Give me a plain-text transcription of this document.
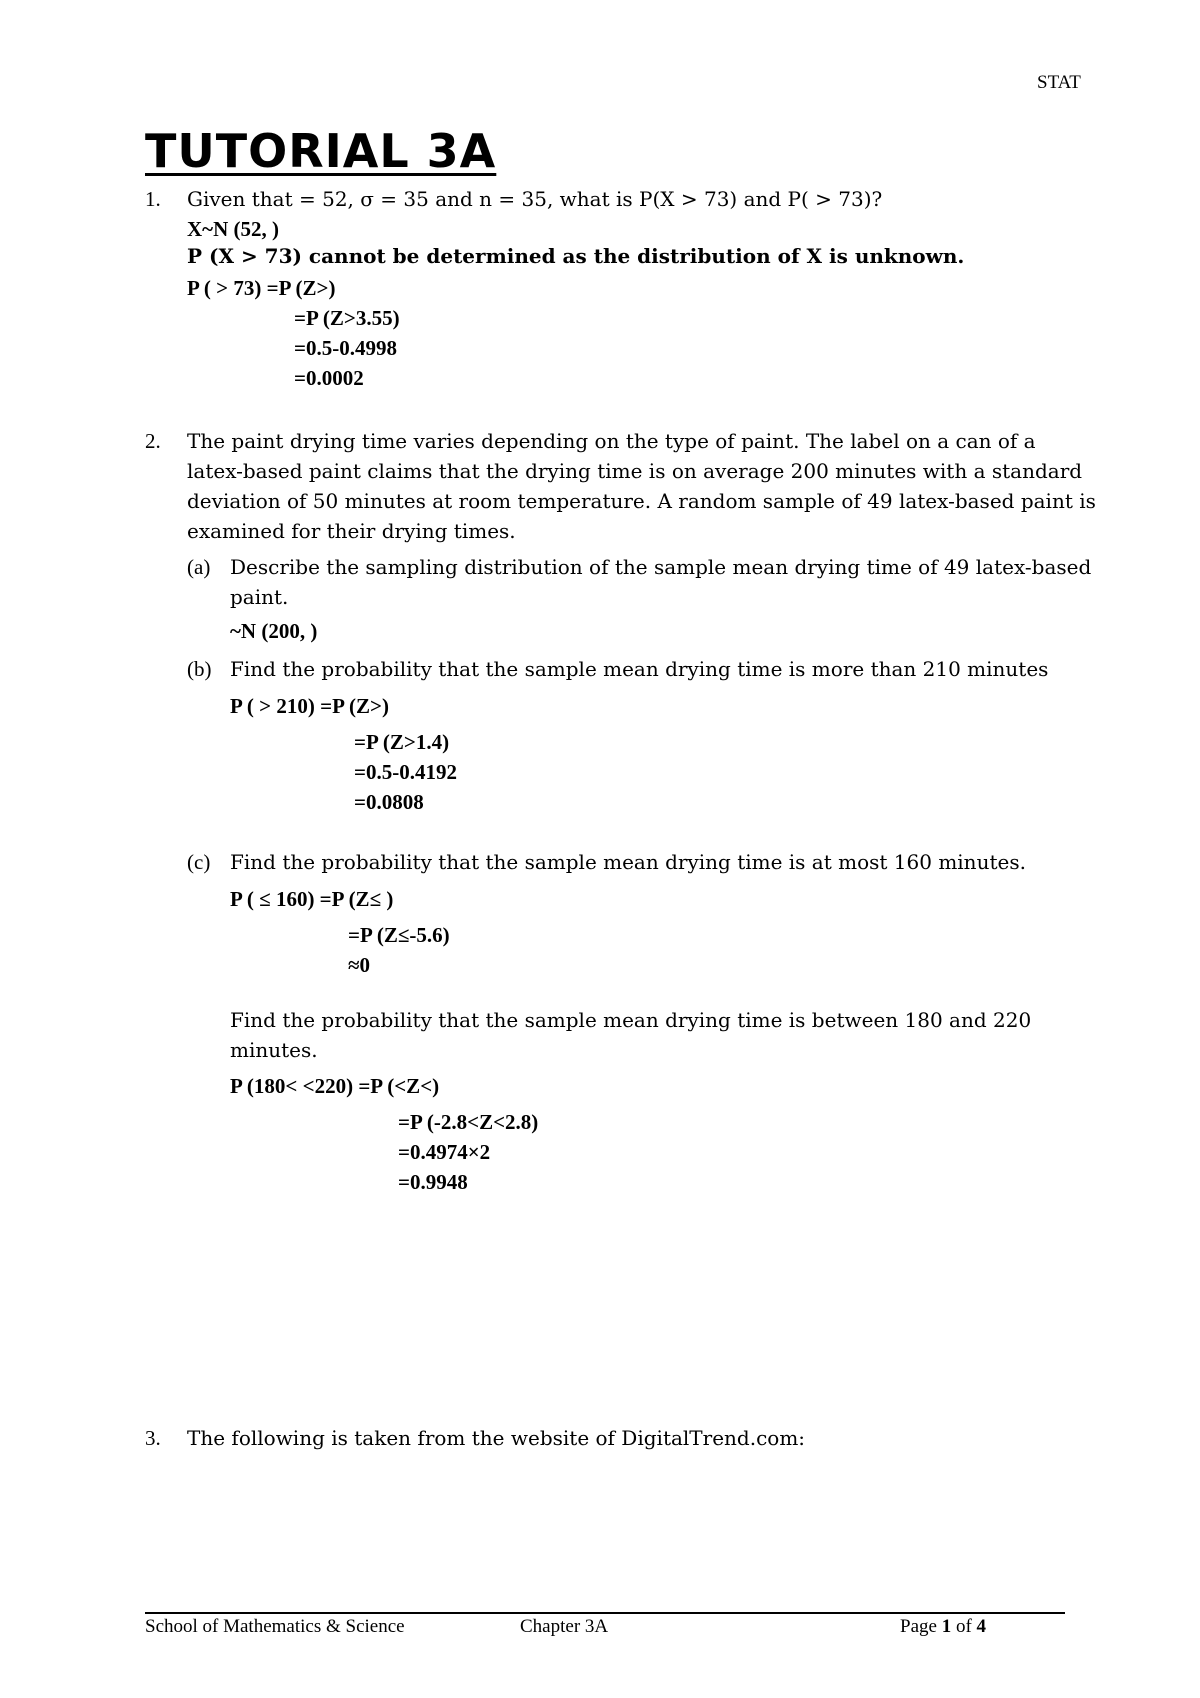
STAT
TUTORIAL 3A
1. Given that = 52, σ = 35 and n = 35, what is P(X > 73) and P( > 73)?
X~N (52, )
P (X > 73) cannot be determined as the distribution of X is unknown.
P ( > 73) =P (Z>)
=P (Z>3.55)
=0.5-0.4998
=0.0002
2. The paint drying time varies depending on the type of paint. The label on a can of a
latex-based paint claims that the drying time is on average 200 minutes with a standard
deviation of 50 minutes at room temperature. A random sample of 49 latex-based paint is
examined for their drying times.
(a) Describe the sampling distribution of the sample mean drying time of 49 latex-based
paint.
~N (200, )
(b) Find the probability that the sample mean drying time is more than 210 minutes
P ( > 210) =P (Z>)
=P (Z>1.4)
=0.5-0.4192
=0.0808
(c) Find the probability that the sample mean drying time is at most 160 minutes.
P ( ≤ 160) =P (Z≤ )
=P (Z≤-5.6)
≈0
Find the probability that the sample mean drying time is between 180 and 220
minutes.
P (180< <220) =P (<Z<)
=P (-2.8<Z<2.8)
=0.4974×2
=0.9948
3. The following is taken from the website of DigitalTrend.com:
School of Mathematics & Science	Chapter 3A	Page 1 of 4
